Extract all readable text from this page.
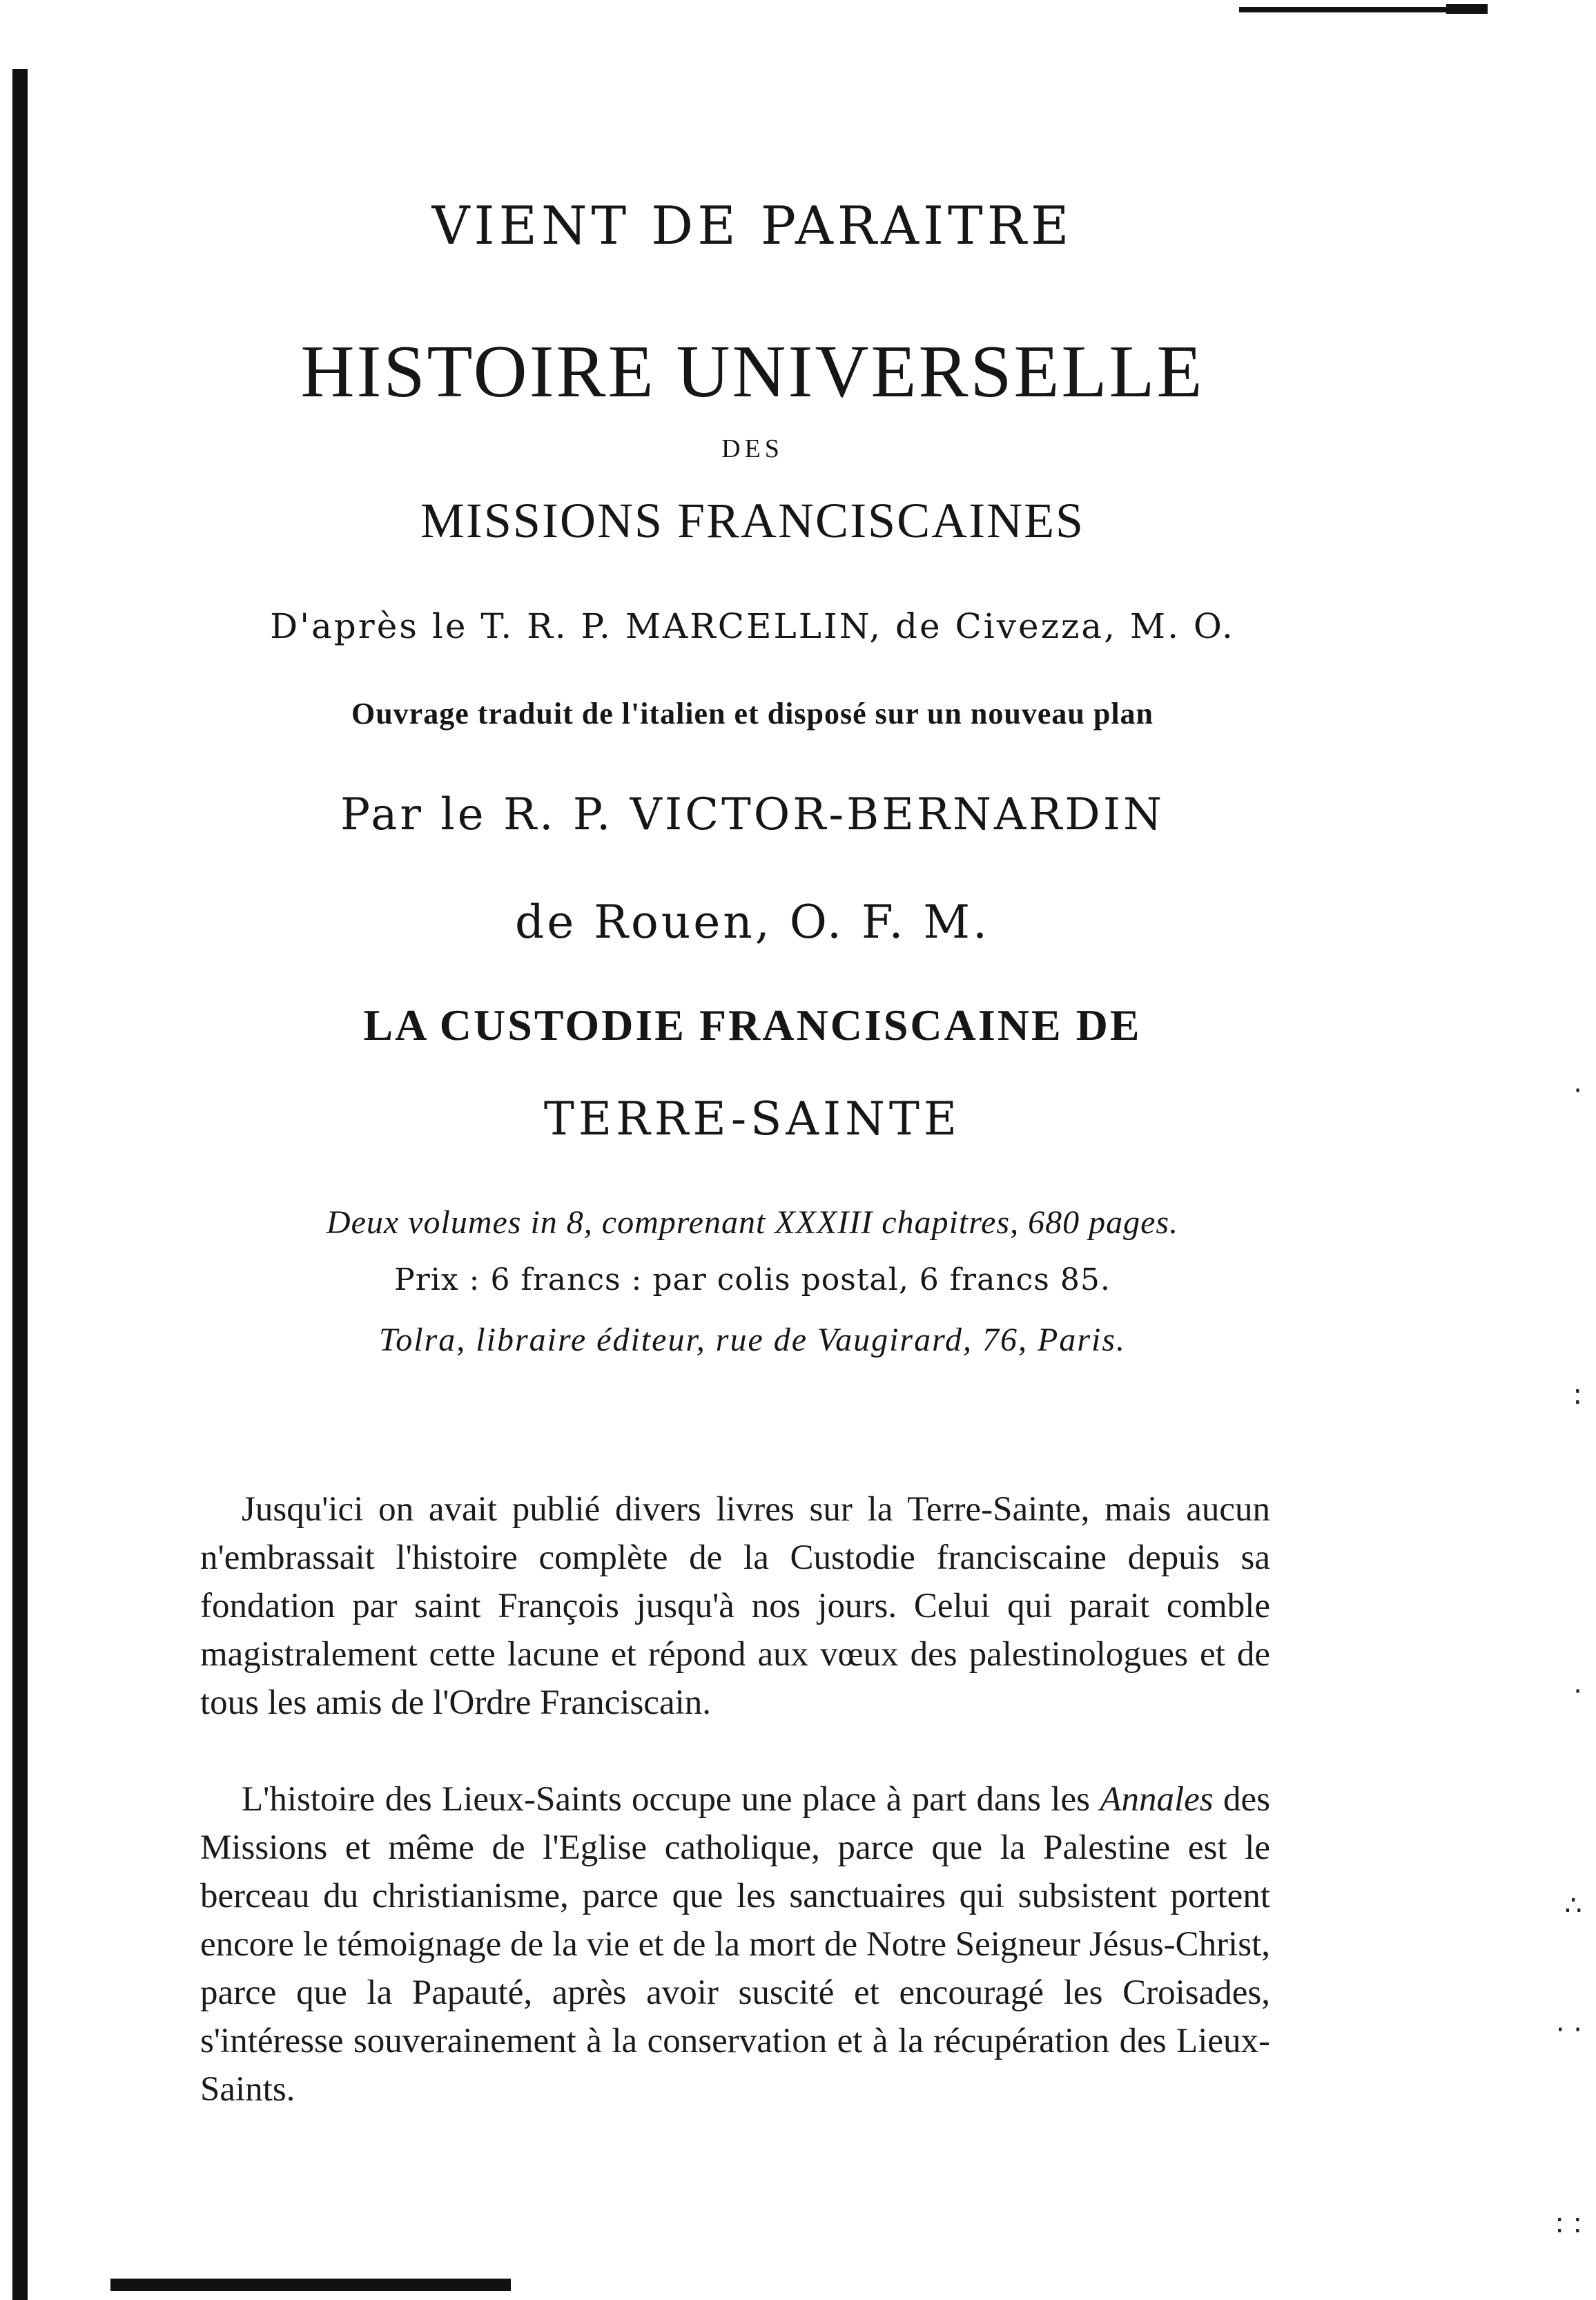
·
:
·
∴
· ·
: :
VIENT DE PARAITRE
HISTOIRE UNIVERSELLE
DES
MISSIONS FRANCISCAINES
D'après le T. R. P. MARCELLIN, de Civezza, M. O.
Ouvrage traduit de l'italien et disposé sur un nouveau plan
Par le R. P. VICTOR-BERNARDIN
de Rouen, O. F. M.
LA CUSTODIE FRANCISCAINE DE
TERRE-SAINTE
Deux volumes in 8, comprenant XXXIII chapitres, 680 pages.
Prix : 6 francs : par colis postal, 6 francs 85.
Tolra, libraire éditeur, rue de Vaugirard, 76, Paris.

Jusqu'ici on avait publié divers livres sur la Terre-Sainte, mais aucun n'embrassait l'histoire complète de la Custodie franciscaine depuis sa fondation par saint François jusqu'à nos jours. Celui qui parait comble magistralement cette lacune et répond aux vœux des palestinologues et de tous les amis de l'Ordre Franciscain.

L'histoire des Lieux-Saints occupe une place à part dans les Annales des Missions et même de l'Eglise catholique, parce que la Palestine est le berceau du christianisme, parce que les sanctuaires qui subsistent portent encore le témoignage de la vie et de la mort de Notre Seigneur Jésus-Christ, parce que la Papauté, après avoir suscité et encouragé les Croisades, s'intéresse souverainement à la conservation et à la récupération des Lieux-Saints.
